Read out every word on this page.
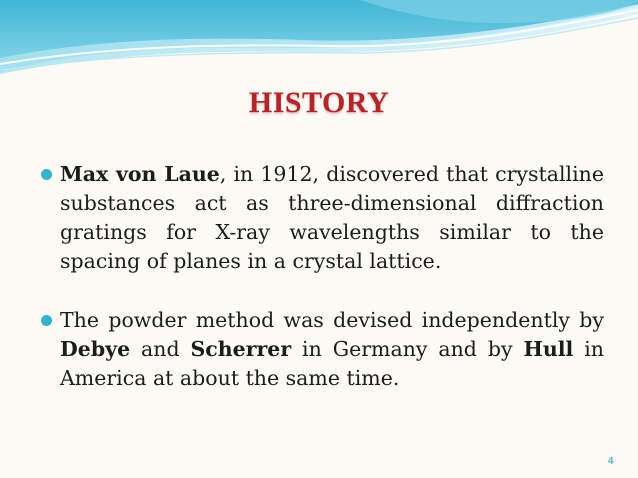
HISTORY
Max von Laue, in 1912, discovered that crystalline substances act as three-dimensional diffraction gratings for X-ray wavelengths similar to the spacing of planes in a crystal lattice.
The powder method was devised independently by Debye and Scherrer in Germany and by Hull in America at about the same time.
4
